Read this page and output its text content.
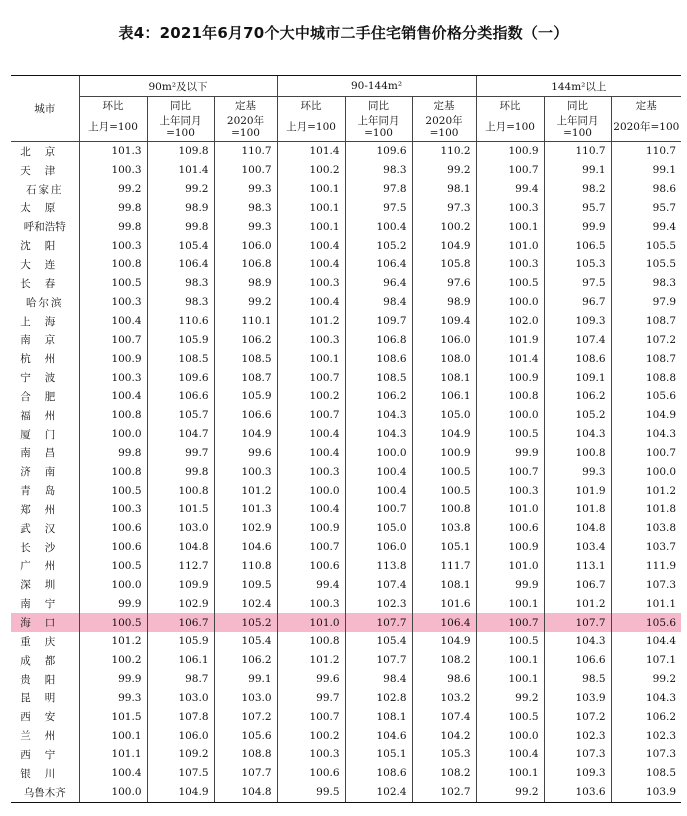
表4：2021年6月70个大中城市二手住宅销售价格分类指数（一）
城市	90m²及以下			90-144m²			144m²以上		
	环比	同比	定基	环比	同比	定基	环比	同比	定基
	上月=100	上年同月=100	2020年=100	上月=100	上年同月=100	2020年=100	上月=100	上年同月=100	2020年=100
北京	101.3	109.8	110.7	101.4	109.6	110.2	100.9	110.7	110.7
天津	100.3	101.4	100.7	100.2	98.3	99.2	100.7	99.1	99.1
石家庄	99.2	99.2	99.3	100.1	97.8	98.1	99.4	98.2	98.6
太原	99.8	98.9	98.3	100.1	97.5	97.3	100.3	95.7	95.7
呼和浩特	99.8	99.8	99.3	100.1	100.4	100.2	100.1	99.9	99.4
沈阳	100.3	105.4	106.0	100.4	105.2	104.9	101.0	106.5	105.5
大连	100.8	106.4	106.8	100.4	106.4	105.8	100.3	105.3	105.5
长春	100.5	98.3	98.9	100.3	96.4	97.6	100.5	97.5	98.3
哈尔滨	100.3	98.3	99.2	100.4	98.4	98.9	100.0	96.7	97.9
上海	100.4	110.6	110.1	101.2	109.7	109.4	102.0	109.3	108.7
南京	100.7	105.9	106.2	100.3	106.8	106.0	101.9	107.4	107.2
杭州	100.9	108.5	108.5	100.1	108.6	108.0	101.4	108.6	108.7
宁波	100.3	109.6	108.7	100.7	108.5	108.1	100.9	109.1	108.8
合肥	100.4	106.6	105.9	100.2	106.2	106.1	100.8	106.2	105.6
福州	100.8	105.7	106.6	100.7	104.3	105.0	100.0	105.2	104.9
厦门	100.0	104.7	104.9	100.4	104.3	104.9	100.5	104.3	104.3
南昌	99.8	99.7	99.6	100.4	100.0	100.9	99.9	100.8	100.7
济南	100.8	99.8	100.3	100.3	100.4	100.5	100.7	99.3	100.0
青岛	100.5	100.8	101.2	100.0	100.4	100.5	100.3	101.9	101.2
郑州	100.3	101.5	101.3	100.4	100.7	100.8	101.0	101.8	101.8
武汉	100.6	103.0	102.9	100.9	105.0	103.8	100.6	104.8	103.8
长沙	100.6	104.8	104.6	100.7	106.0	105.1	100.9	103.4	103.7
广州	100.5	112.7	110.8	100.6	113.8	111.7	101.0	113.1	111.9
深圳	100.0	109.9	109.5	99.4	107.4	108.1	99.9	106.7	107.3
南宁	99.9	102.9	102.4	100.3	102.3	101.6	100.1	101.2	101.1
海口	100.5	106.7	105.2	101.0	107.7	106.4	100.7	107.7	105.6
重庆	101.2	105.9	105.4	100.8	105.4	104.9	100.5	104.3	104.4
成都	100.2	106.1	106.2	101.2	107.7	108.2	100.1	106.6	107.1
贵阳	99.9	98.7	99.1	99.6	98.4	98.6	100.1	98.5	99.2
昆明	99.3	103.0	103.0	99.7	102.8	103.2	99.2	103.9	104.3
西安	101.5	107.8	107.2	100.7	108.1	107.4	100.5	107.2	106.2
兰州	100.1	106.0	105.6	100.2	104.6	104.2	100.0	102.3	102.3
西宁	101.1	109.2	108.8	100.3	105.1	105.3	100.4	107.3	107.3
银川	100.4	107.5	107.7	100.6	108.6	108.2	100.1	109.3	108.5
乌鲁木齐	100.0	104.9	104.8	99.5	102.4	102.7	99.2	103.6	103.9
